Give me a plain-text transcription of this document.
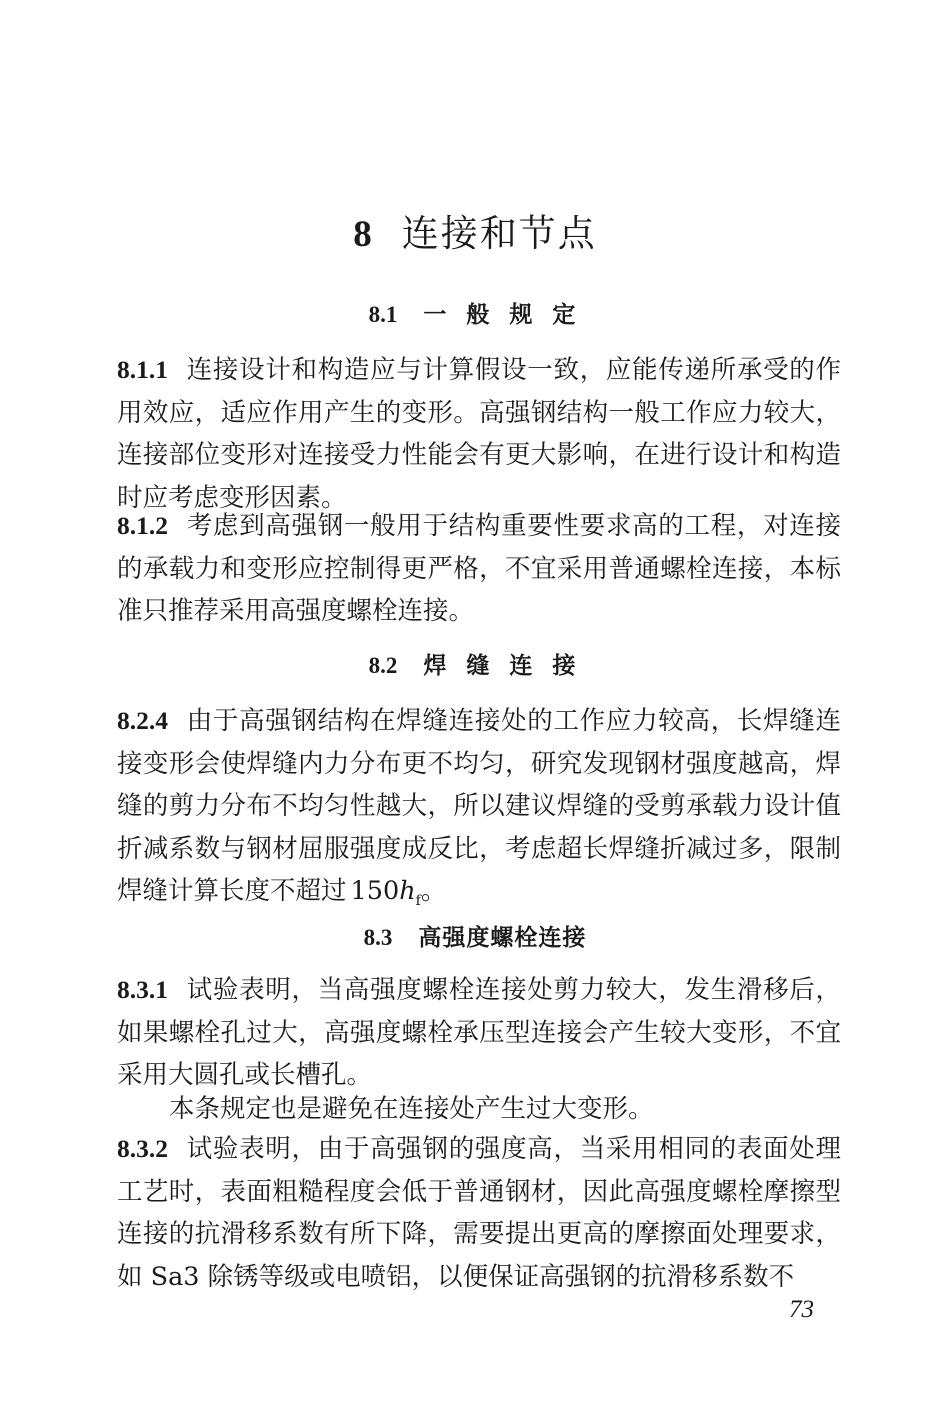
8 连接和节点
8.1 一 般 规 定

8.1.1 连接设计和构造应与计算假设一致，应能传递所承受的作用效应，适应作用产生的变形。高强钢结构一般工作应力较大，连接部位变形对连接受力性能会有更大影响，在进行设计和构造时应考虑变形因素。

8.1.2 考虑到高强钢一般用于结构重要性要求高的工程，对连接的承载力和变形应控制得更严格，不宜采用普通螺栓连接，本标准只推荐采用高强度螺栓连接。

8.2 焊 缝 连 接

8.2.4 由于高强钢结构在焊缝连接处的工作应力较高，长焊缝连接变形会使焊缝内力分布更不均匀，研究发现钢材强度越高，焊缝的剪力分布不均匀性越大，所以建议焊缝的受剪承载力设计值折减系数与钢材屈服强度成反比，考虑超长焊缝折减过多，限制焊缝计算长度不超过 $150h_f$。

8.3 高强度螺栓连接

8.3.1 试验表明，当高强度螺栓连接处剪力较大，发生滑移后，如果螺栓孔过大，高强度螺栓承压型连接会产生较大变形，不宜采用大圆孔或长槽孔。

本条规定也是避免在连接处产生过大变形。

8.3.2 试验表明，由于高强钢的强度高，当采用相同的表面处理工艺时，表面粗糙程度会低于普通钢材，因此高强度螺栓摩擦型连接的抗滑移系数有所下降，需要提出更高的摩擦面处理要求，如 Sa3 除锈等级或电喷铝，以便保证高强钢的抗滑移系数不

73
